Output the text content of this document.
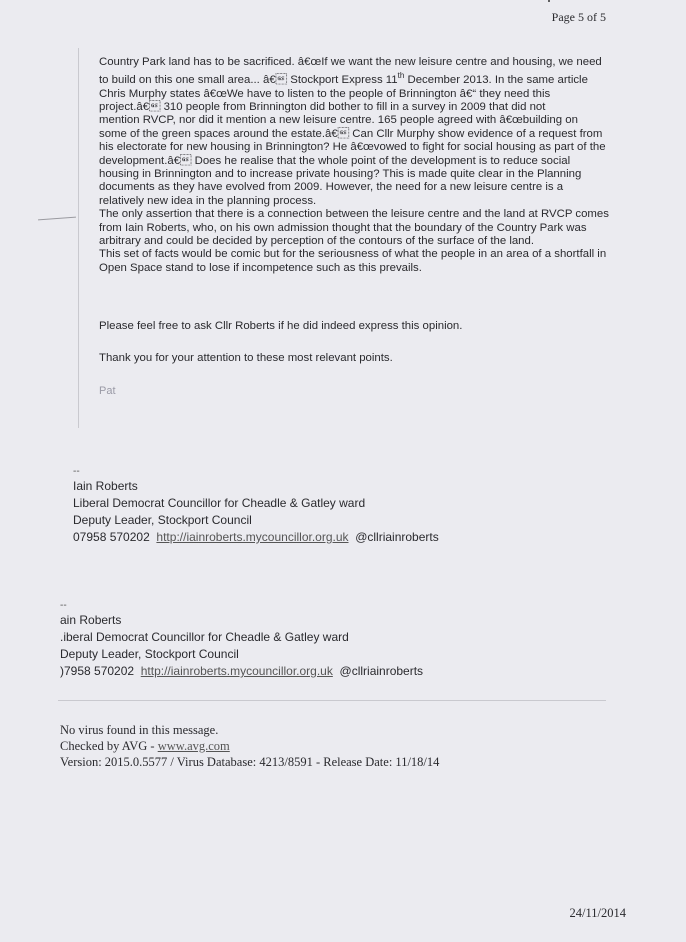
Page 5 of 5

Country Park land has to be sacrificed. â€œIf we want the new leisure centre and housing, we need

to build on this one small area... â€ Stockport Express 11th December 2013. In the same article

Chris Murphy states â€œWe have to listen to the people of Brinnington â€“ they need this

project.â€ 310 people from Brinnington did bother to fill in a survey in 2009 that did not

mention RVCP, nor did it mention a new leisure centre. 165 people agreed with â€œbuilding on

some of the green spaces around the estate.â€ Can Cllr Murphy show evidence of a request from

his electorate for new housing in Brinnington? He â€œvowed to fight for social housing as part of the

development.â€ Does he realise that the whole point of the development is to reduce social

housing in Brinnington and to increase private housing? This is made quite clear in the Planning

documents as they have evolved from 2009. However, the need for a new leisure centre is a

relatively new idea in the planning process.

The only assertion that there is a connection between the leisure centre and the land at RVCP comes

from Iain Roberts, who, on his own admission thought that the boundary of the Country Park was

arbitrary and could be decided by perception of the contours of the surface of the land.

This set of facts would be comic but for the seriousness of what the people in an area of a shortfall in

Open Space stand to lose if incompetence such as this prevails.

Please feel free to ask Cllr Roberts if he did indeed express this opinion.
Thank you for your attention to these most relevant points.
Pat
--
Iain Roberts
Liberal Democrat Councillor for Cheadle & Gatley ward
Deputy Leader, Stockport Council
07958 570202 http://iainroberts.mycouncillor.org.uk @cllriainroberts
--
ain Roberts
.iberal Democrat Councillor for Cheadle & Gatley ward
Deputy Leader, Stockport Council
)7958 570202 http://iainroberts.mycouncillor.org.uk @cllriainroberts
No virus found in this message.
Checked by AVG - www.avg.com
Version: 2015.0.5577 / Virus Database: 4213/8591 - Release Date: 11/18/14
24/11/2014
